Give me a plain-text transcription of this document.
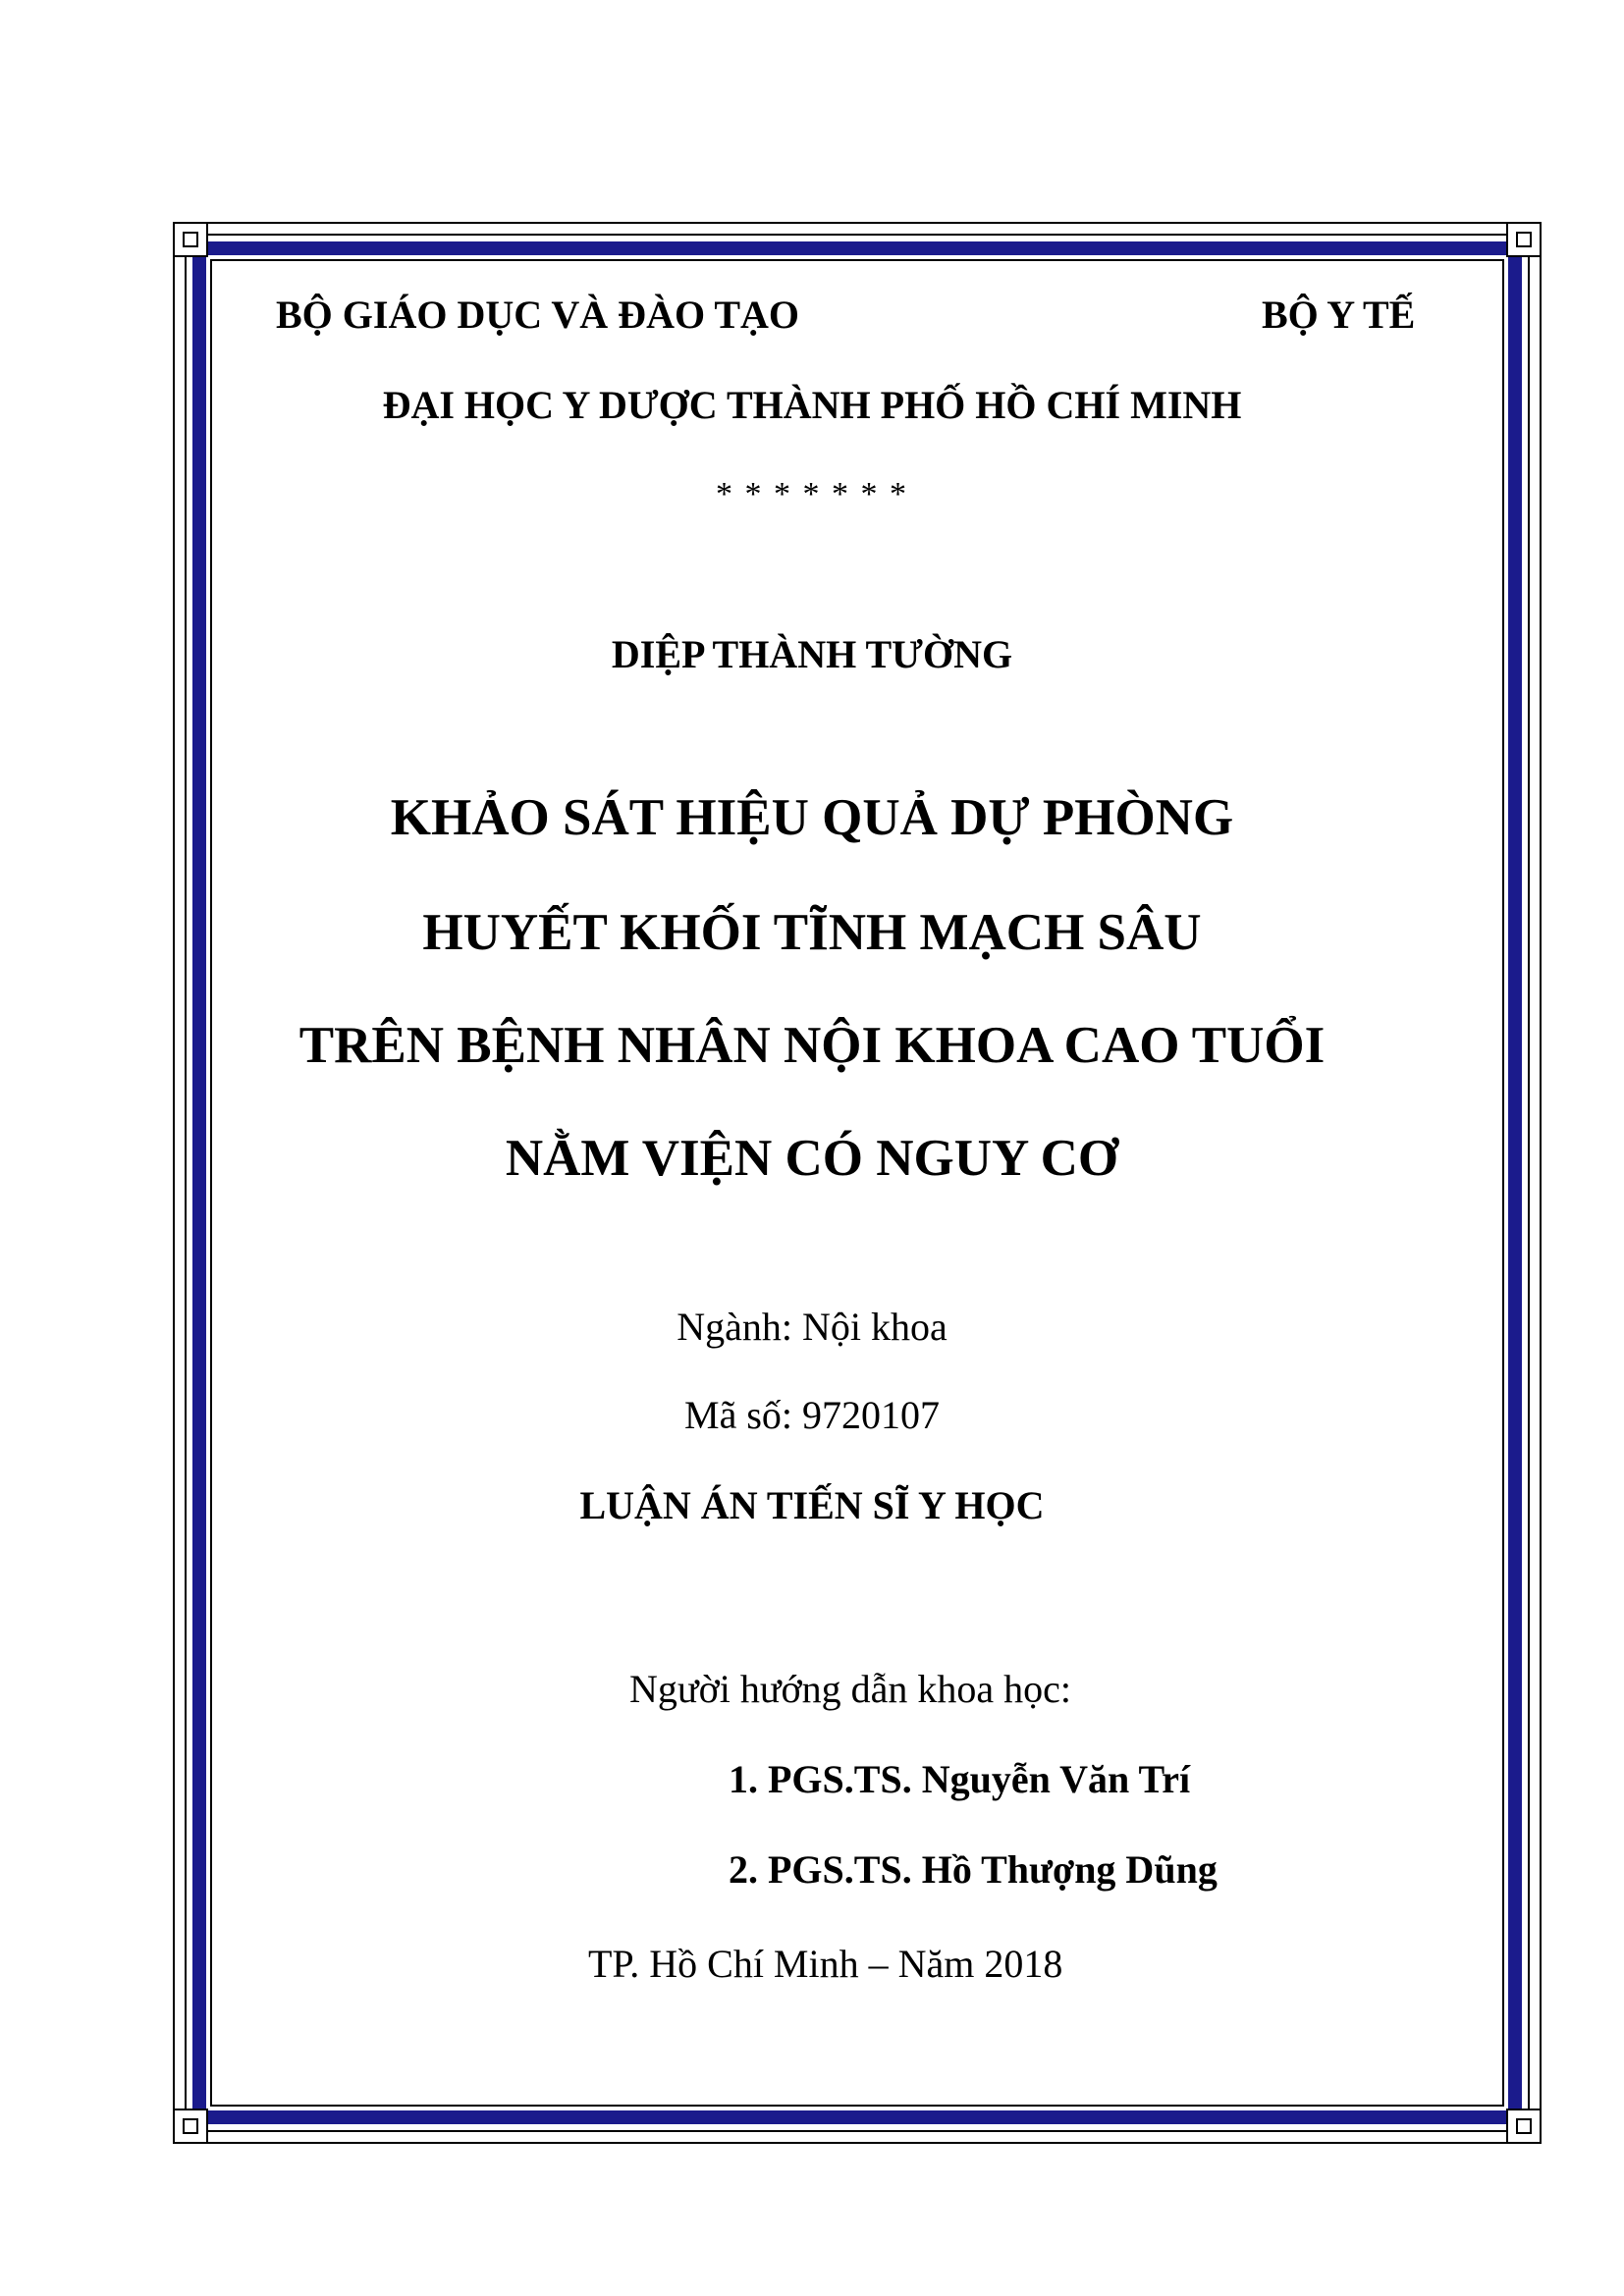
BỘ GIÁO DỤC VÀ ĐÀO TẠO	BỘ Y TẾ
ĐẠI HỌC Y DƯỢC THÀNH PHỐ HỒ CHÍ MINH
* * * * * * *
DIỆP THÀNH TƯỜNG
KHẢO SÁT HIỆU QUẢ DỰ PHÒNG
HUYẾT KHỐI TĨNH MẠCH SÂU
TRÊN BỆNH NHÂN NỘI KHOA CAO TUỔI
NẰM VIỆN CÓ NGUY CƠ
Ngành: Nội khoa
Mã số: 9720107
LUẬN ÁN TIẾN SĨ Y HỌC
Người hướng dẫn khoa học:
1. PGS.TS. Nguyễn Văn Trí
2. PGS.TS. Hồ Thượng Dũng
TP. Hồ Chí Minh – Năm 2018
